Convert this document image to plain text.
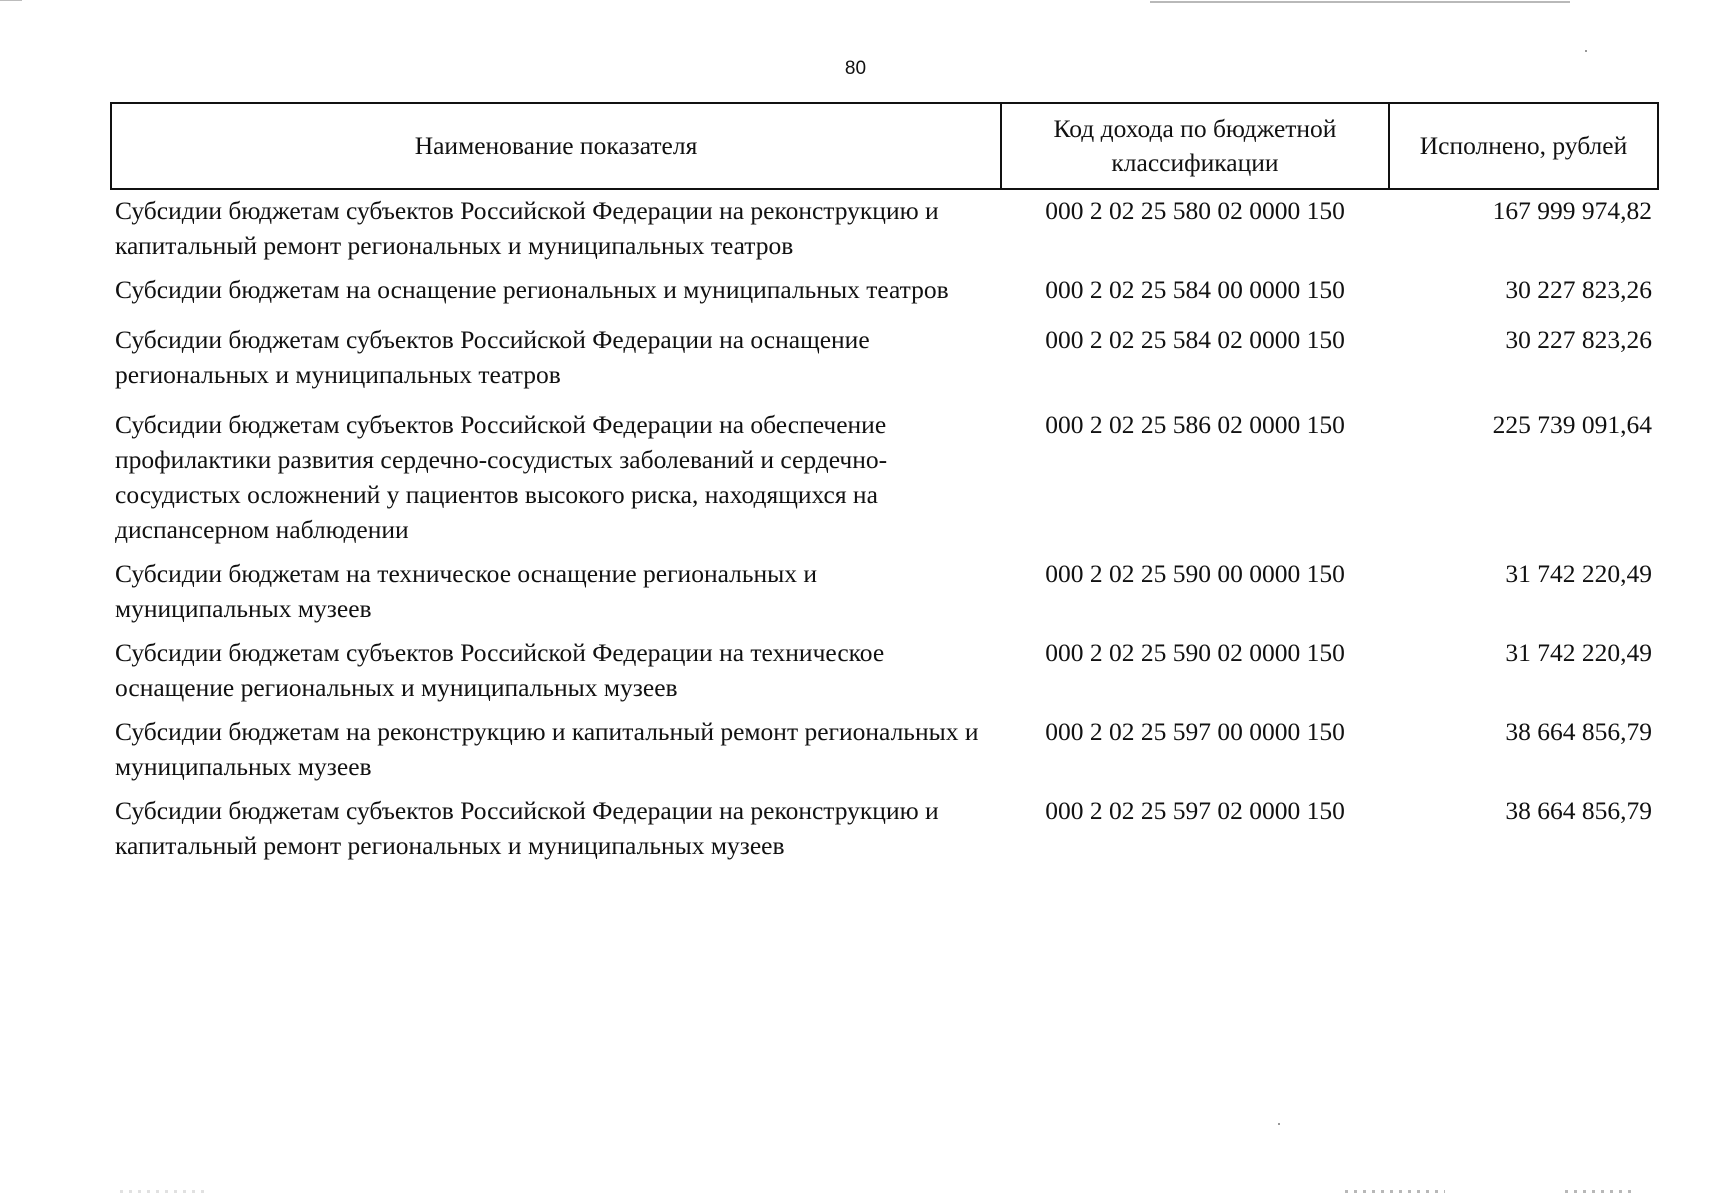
80
Наименование показателя	Код дохода по бюджетной классификации	Исполнено, рублей
Субсидии бюджетам субъектов Российской Федерации на реконструкцию и капитальный ремонт региональных и муниципальных театров	000 2 02 25 580 02 0000 150	167 999 974,82
Субсидии бюджетам на оснащение региональных и муниципальных театров	000 2 02 25 584 00 0000 150	30 227 823,26
Субсидии бюджетам субъектов Российской Федерации на оснащение региональных и муниципальных театров	000 2 02 25 584 02 0000 150	30 227 823,26
Субсидии бюджетам субъектов Российской Федерации на обеспечение профилактики развития сердечно-сосудистых заболеваний и сердечно-сосудистых осложнений у пациентов высокого риска, находящихся на диспансерном наблюдении	000 2 02 25 586 02 0000 150	225 739 091,64
Субсидии бюджетам на техническое оснащение региональных и муниципальных музеев	000 2 02 25 590 00 0000 150	31 742 220,49
Субсидии бюджетам субъектов Российской Федерации на техническое оснащение региональных и муниципальных музеев	000 2 02 25 590 02 0000 150	31 742 220,49
Субсидии бюджетам на реконструкцию и капитальный ремонт региональных и муниципальных музеев	000 2 02 25 597 00 0000 150	38 664 856,79
Субсидии бюджетам субъектов Российской Федерации на реконструкцию и капитальный ремонт региональных и муниципальных музеев	000 2 02 25 597 02 0000 150	38 664 856,79
